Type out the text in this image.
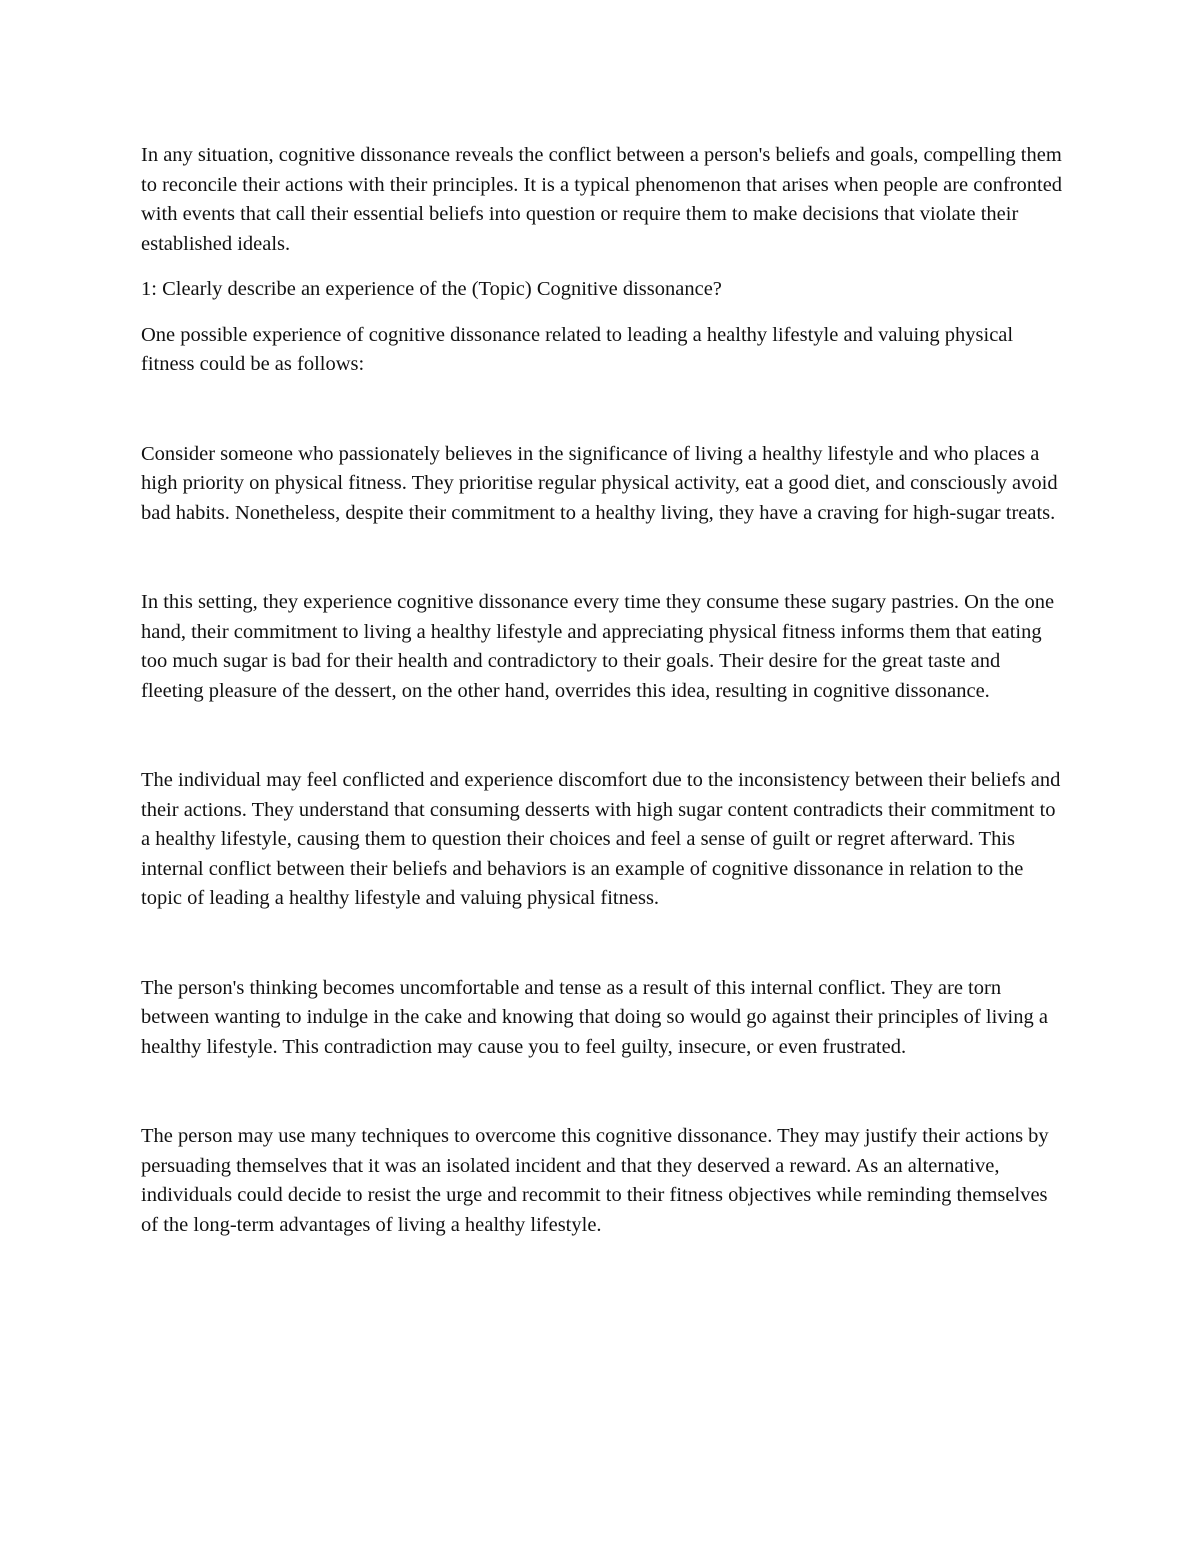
In any situation, cognitive dissonance reveals the conflict between a person's beliefs and goals, compelling them to reconcile their actions with their principles. It is a typical phenomenon that arises when people are confronted with events that call their essential beliefs into question or require them to make decisions that violate their established ideals.

1: Clearly describe an experience of the (Topic) Cognitive dissonance?

One possible experience of cognitive dissonance related to leading a healthy lifestyle and valuing physical fitness could be as follows:

Consider someone who passionately believes in the significance of living a healthy lifestyle and who places a high priority on physical fitness. They prioritise regular physical activity, eat a good diet, and consciously avoid bad habits. Nonetheless, despite their commitment to a healthy living, they have a craving for high-sugar treats.

In this setting, they experience cognitive dissonance every time they consume these sugary pastries. On the one hand, their commitment to living a healthy lifestyle and appreciating physical fitness informs them that eating too much sugar is bad for their health and contradictory to their goals. Their desire for the great taste and fleeting pleasure of the dessert, on the other hand, overrides this idea, resulting in cognitive dissonance.

The individual may feel conflicted and experience discomfort due to the inconsistency between their beliefs and their actions. They understand that consuming desserts with high sugar content contradicts their commitment to a healthy lifestyle, causing them to question their choices and feel a sense of guilt or regret afterward. This internal conflict between their beliefs and behaviors is an example of cognitive dissonance in relation to the topic of leading a healthy lifestyle and valuing physical fitness.

The person's thinking becomes uncomfortable and tense as a result of this internal conflict. They are torn between wanting to indulge in the cake and knowing that doing so would go against their principles of living a healthy lifestyle. This contradiction may cause you to feel guilty, insecure, or even frustrated.

The person may use many techniques to overcome this cognitive dissonance. They may justify their actions by persuading themselves that it was an isolated incident and that they deserved a reward. As an alternative, individuals could decide to resist the urge and recommit to their fitness objectives while reminding themselves of the long-term advantages of living a healthy lifestyle.
